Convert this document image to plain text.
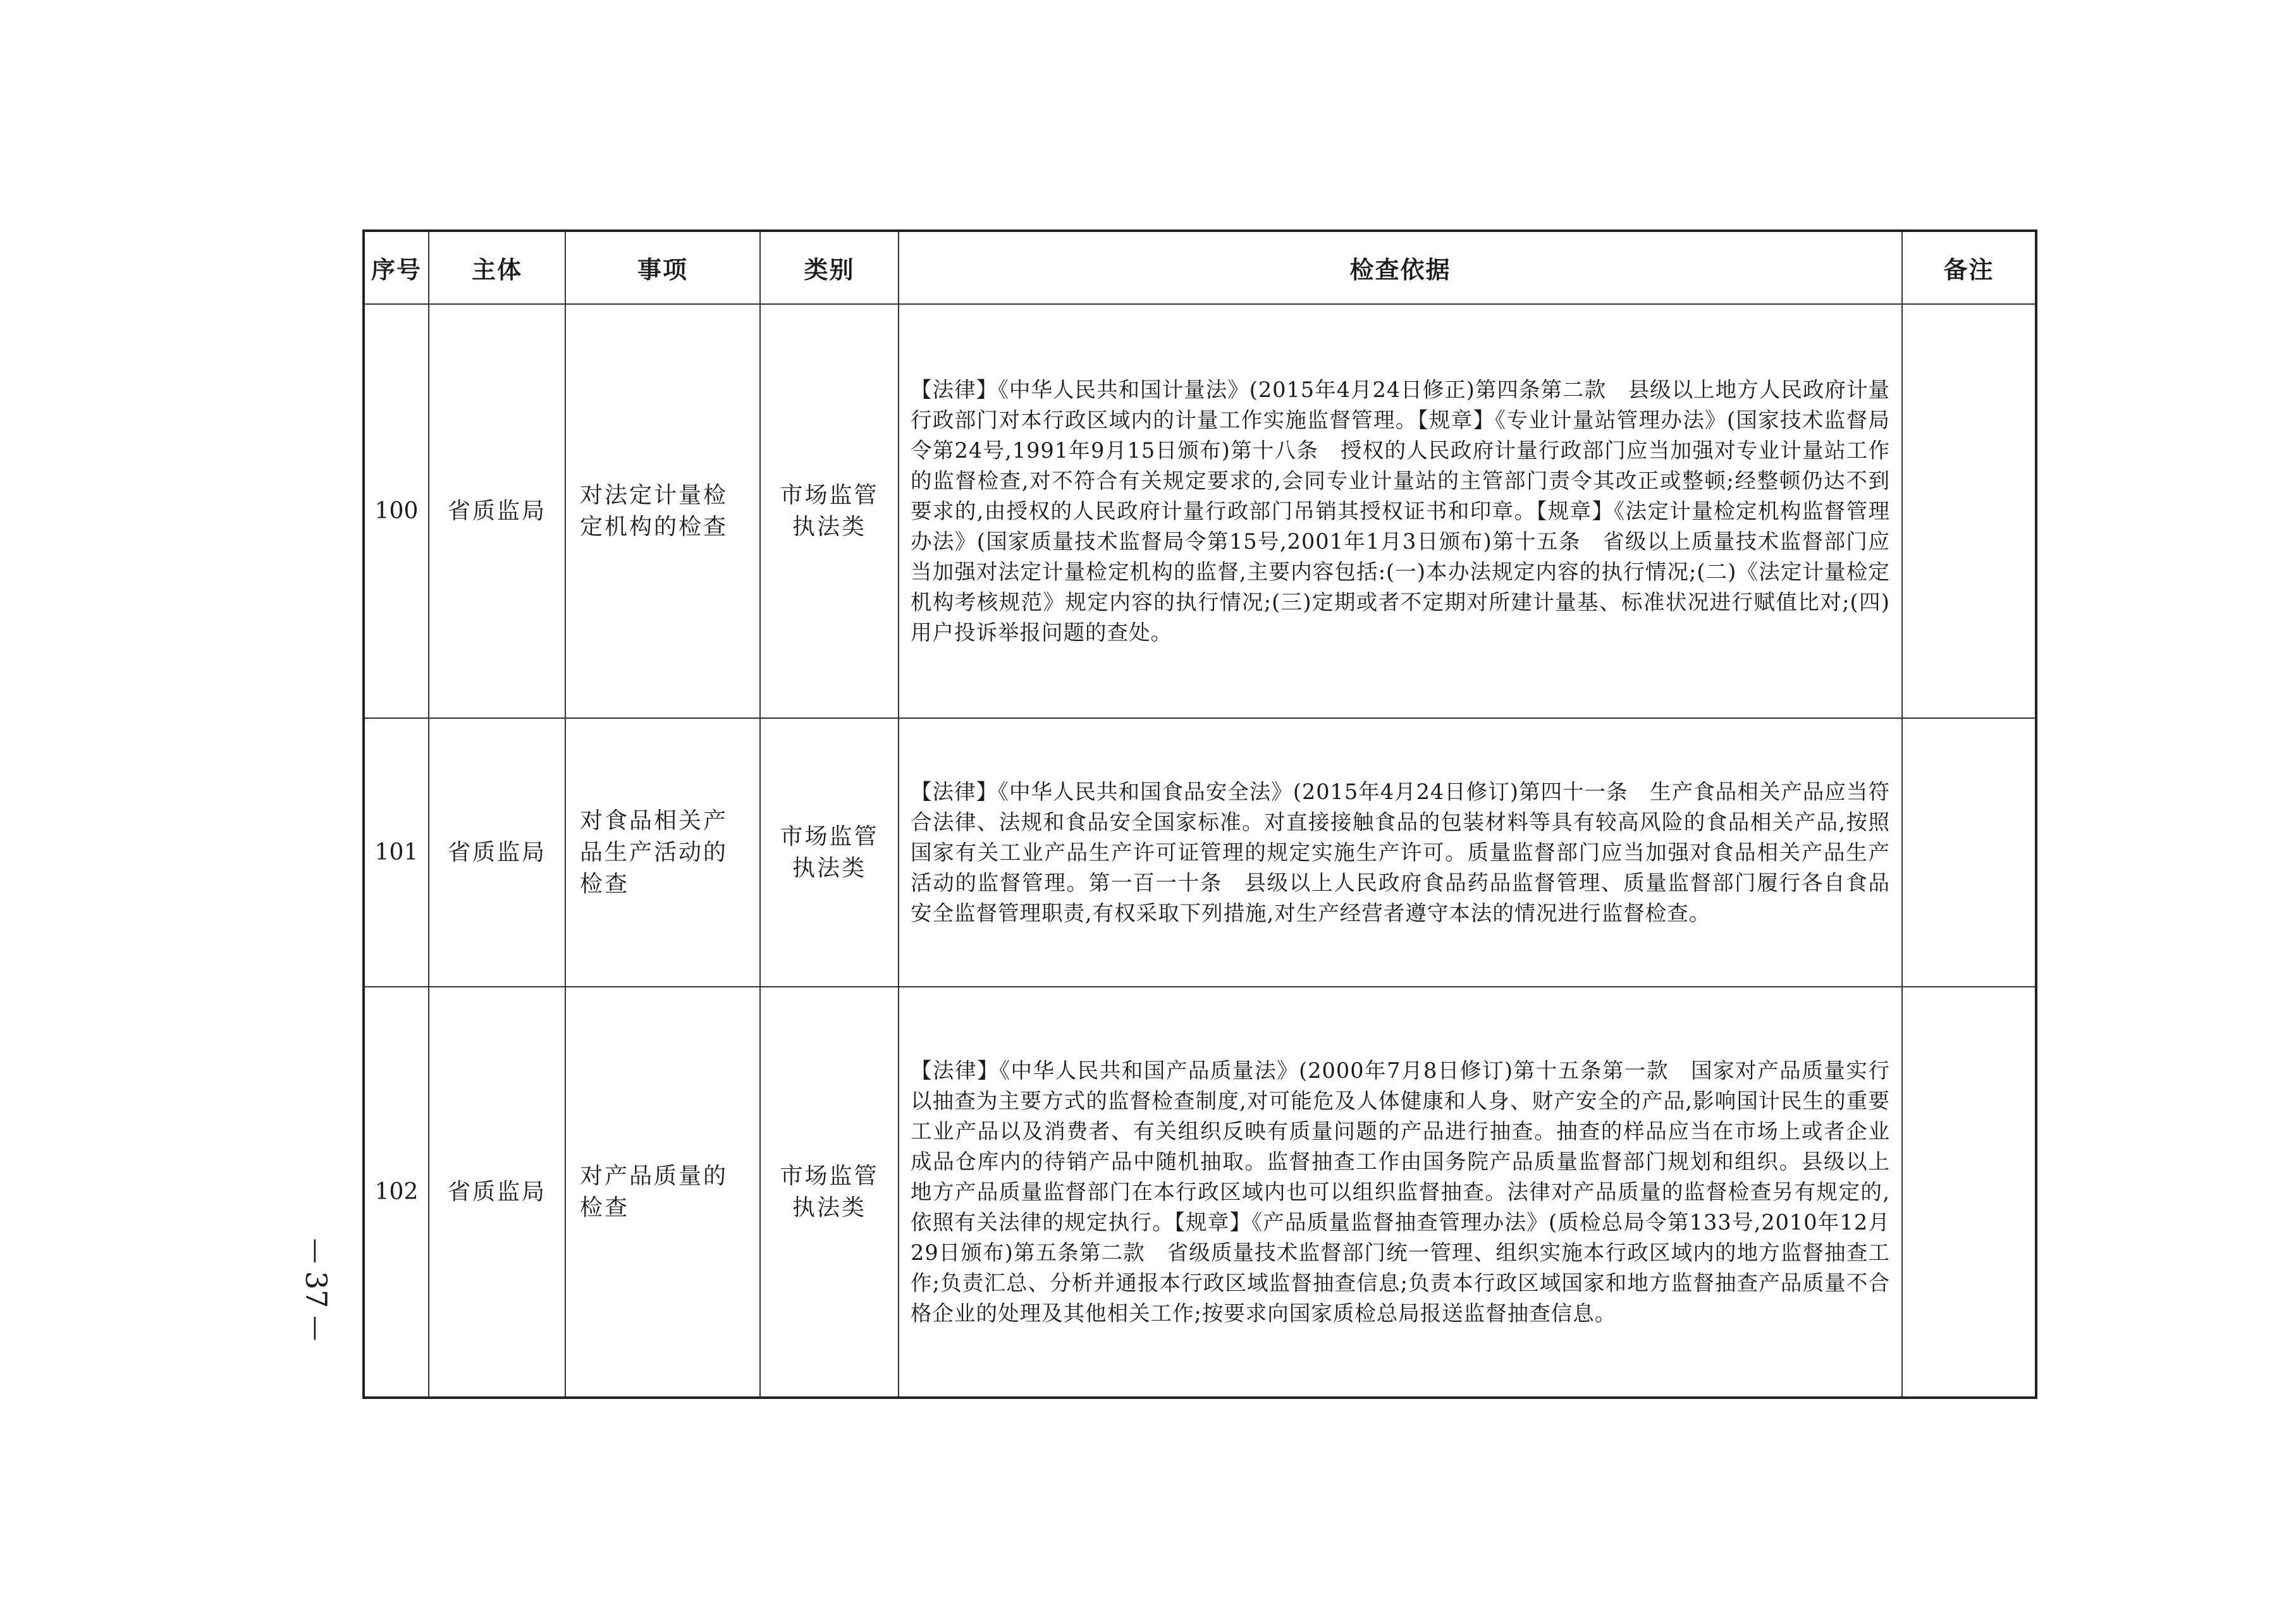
—
37
—
序号	主体	事项	类别	检查依据	备注
100	省质监局	对法定计量检定机构的检查	市场监管执法类	【法律】《中华人民共和国计量法》(2015年4月24日修正)第四条第二款　县级以上地方人民政府计量行政部门对本行政区域内的计量工作实施监督管理。【规章】《专业计量站管理办法》(国家技术监督局令第24号,1991年9月15日颁布)第十八条　授权的人民政府计量行政部门应当加强对专业计量站工作的监督检查,对不符合有关规定要求的,会同专业计量站的主管部门责令其改正或整顿;经整顿仍达不到要求的,由授权的人民政府计量行政部门吊销其授权证书和印章。【规章】《法定计量检定机构监督管理办法》(国家质量技术监督局令第15号,2001年1月3日颁布)第十五条　省级以上质量技术监督部门应当加强对法定计量检定机构的监督,主要内容包括:(一)本办法规定内容的执行情况;(二)《法定计量检定机构考核规范》规定内容的执行情况;(三)定期或者不定期对所建计量基、标准状况进行赋值比对;(四)用户投诉举报问题的查处。	

101	省质监局	对食品相关产品生产活动的检查	市场监管执法类	【法律】《中华人民共和国食品安全法》(2015年4月24日修订)第四十一条　生产食品相关产品应当符合法律、法规和食品安全国家标准。对直接接触食品的包装材料等具有较高风险的食品相关产品,按照国家有关工业产品生产许可证管理的规定实施生产许可。质量监督部门应当加强对食品相关产品生产活动的监督管理。第一百一十条　县级以上人民政府食品药品监督管理、质量监督部门履行各自食品安全监督管理职责,有权采取下列措施,对生产经营者遵守本法的情况进行监督检查。	

102	省质监局	对产品质量的检查	市场监管执法类	【法律】《中华人民共和国产品质量法》(2000年7月8日修订)第十五条第一款　国家对产品质量实行以抽查为主要方式的监督检查制度,对可能危及人体健康和人身、财产安全的产品,影响国计民生的重要工业产品以及消费者、有关组织反映有质量问题的产品进行抽查。抽查的样品应当在市场上或者企业成品仓库内的待销产品中随机抽取。监督抽查工作由国务院产品质量监督部门规划和组织。县级以上地方产品质量监督部门在本行政区域内也可以组织监督抽查。法律对产品质量的监督检查另有规定的,依照有关法律的规定执行。【规章】《产品质量监督抽查管理办法》(质检总局令第133号,2010年12月29日颁布)第五条第二款　省级质量技术监督部门统一管理、组织实施本行政区域内的地方监督抽查工作;负责汇总、分析并通报本行政区域监督抽查信息;负责本行政区域国家和地方监督抽查产品质量不合格企业的处理及其他相关工作;按要求向国家质检总局报送监督抽查信息。	
